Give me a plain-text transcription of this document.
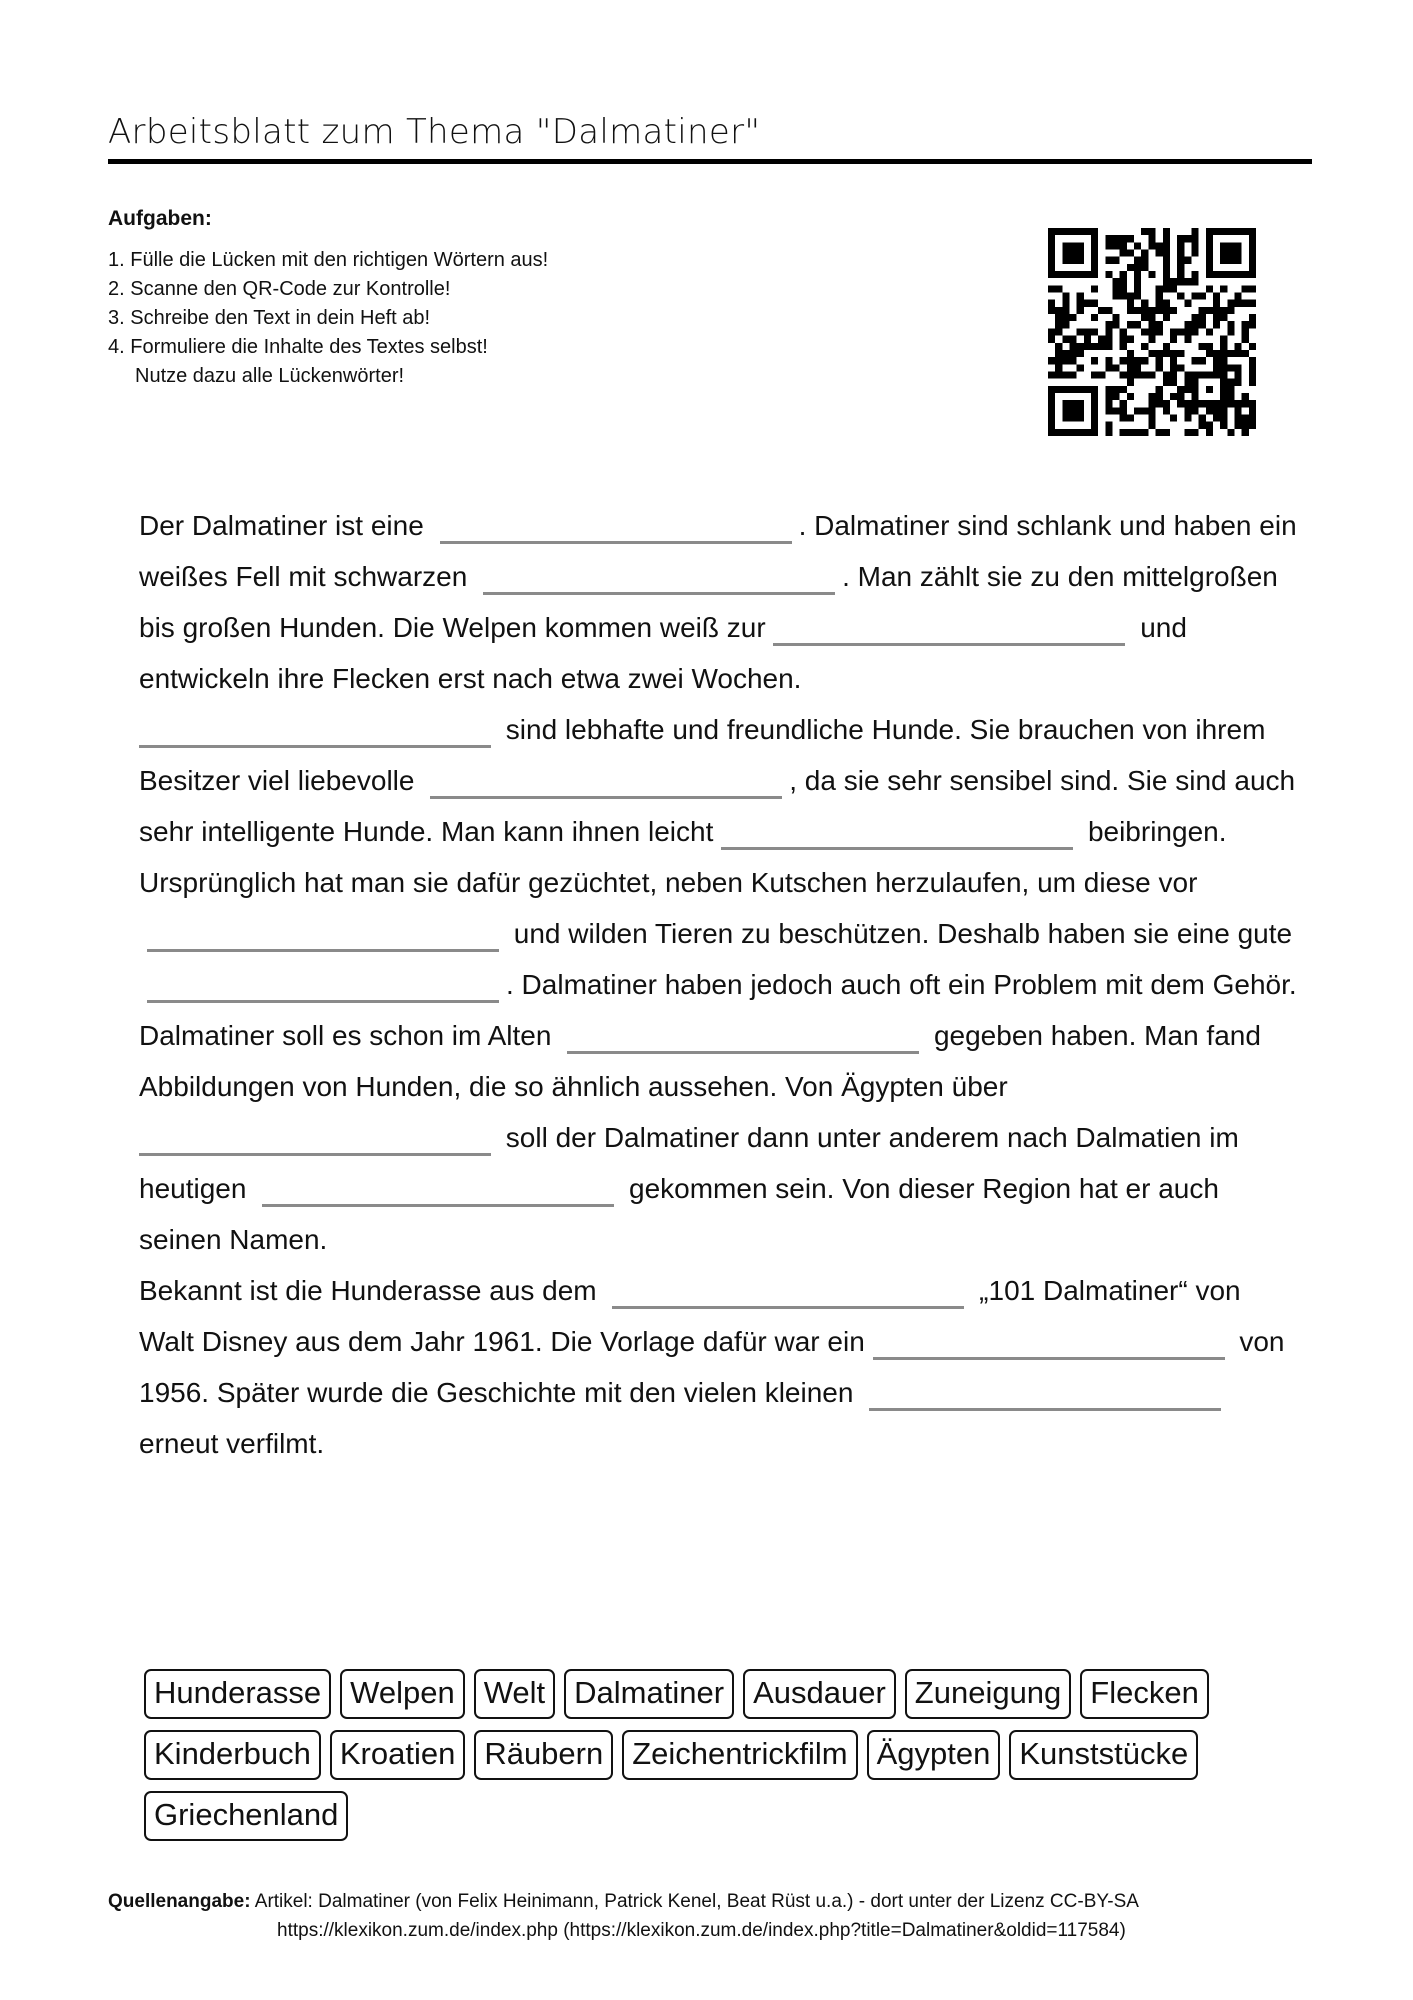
Arbeitsblatt zum Thema "Dalmatiner"
Aufgaben:
1. Fülle die Lücken mit den richtigen Wörtern aus!
2. Scanne den QR-Code zur Kontrolle!
3. Schreibe den Text in dein Heft ab!
4. Formuliere die Inhalte des Textes selbst!
Nutze dazu alle Lückenwörter!

Der Dalmatiner ist eine	. Dalmatiner sind schlank und haben ein weißes Fell mit schwarzen	. Man zählt sie zu den mittelgroßen bis großen Hunden. Die Welpen kommen weiß zur	und entwickeln ihre Flecken erst nach etwa zwei Wochen.

sind lebhafte und freundliche Hunde. Sie brauchen von ihrem Besitzer viel liebevolle	, da sie sehr sensibel sind. Sie sind auch sehr intelligente Hunde. Man kann ihnen leicht	beibringen.

Ursprünglich hat man sie dafür gezüchtet, neben Kutschen herzulaufen, um diese vor  und wilden Tieren zu beschützen. Deshalb haben sie eine gute . Dalmatiner haben jedoch auch oft ein Problem mit dem Gehör.

Dalmatiner soll es schon im Alten	gegeben haben. Man fand Abbildungen von Hunden, die so ähnlich aussehen. Von Ägypten über  soll der Dalmatiner dann unter anderem nach Dalmatien im heutigen	gekommen sein. Von dieser Region hat er auch seinen Namen.

Bekannt ist die Hunderasse aus dem	„101 Dalmatiner“ von Walt Disney aus dem Jahr 1961. Die Vorlage dafür war ein	von 1956. Später wurde die Geschichte mit den vielen kleinen  erneut verfilmt.

Hunderasse Welpen Welt Dalmatiner Ausdauer Zuneigung Flecken
Kinderbuch Kroatien Räubern Zeichentrickfilm Ägypten Kunststücke
Griechenland
Quellenangabe: Artikel: Dalmatiner (von Felix Heinimann, Patrick Kenel, Beat Rüst u.a.) - dort unter der Lizenz CC-BY-SA
https://klexikon.zum.de/index.php (https://klexikon.zum.de/index.php?title=Dalmatiner&oldid=117584)
